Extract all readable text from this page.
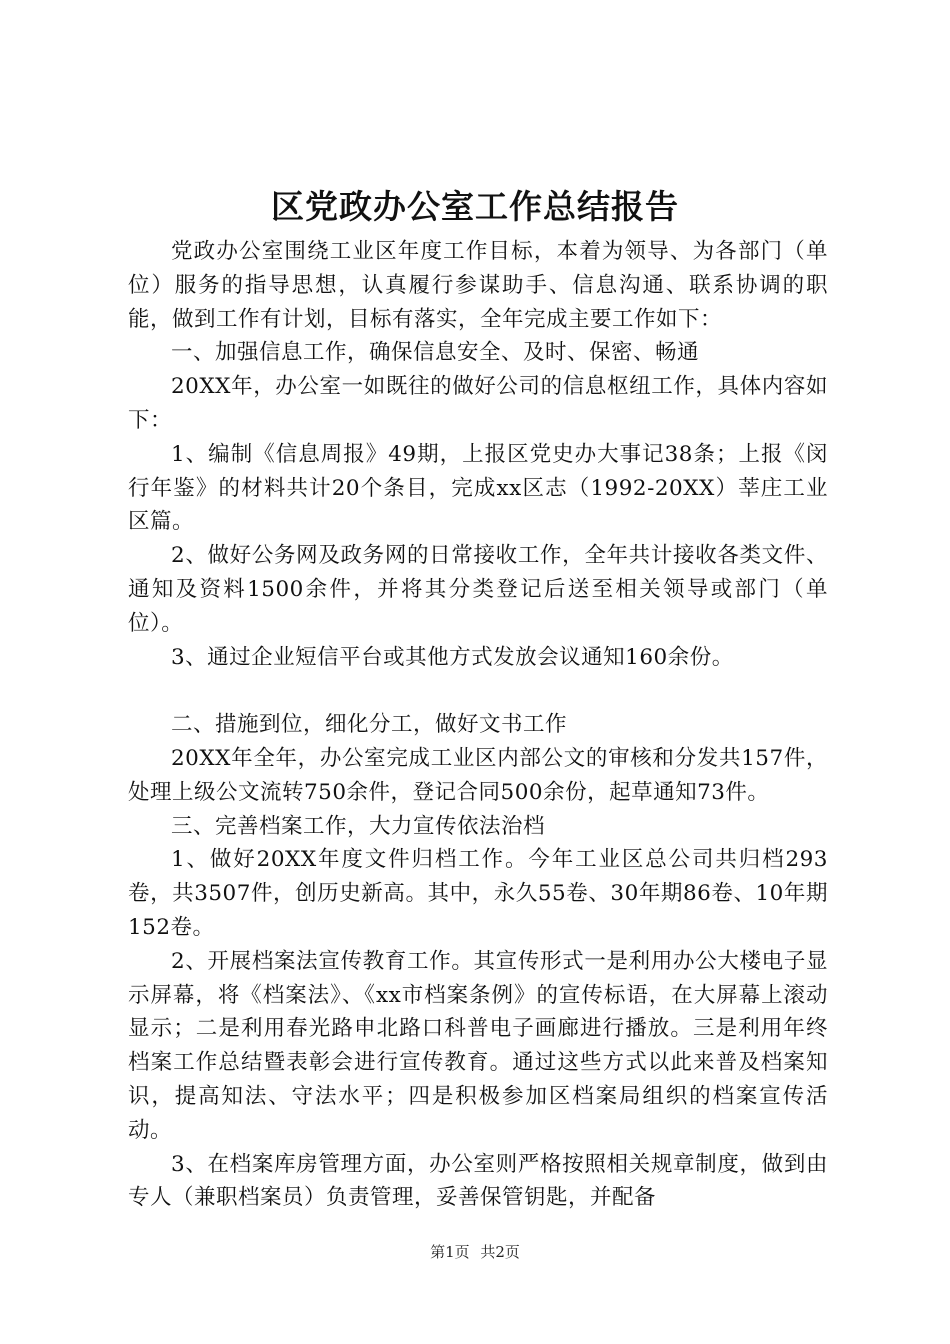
区党政办公室工作总结报告

党政办公室围绕工业区年度工作目标，本着为领导、为各部门（单位）服务的指导思想，认真履行参谋助手、信息沟通、联系协调的职能，做到工作有计划，目标有落实，全年完成主要工作如下：

一、加强信息工作，确保信息安全、及时、保密、畅通

20XX年，办公室一如既往的做好公司的信息枢纽工作，具体内容如下：

1、编制《信息周报》49期，上报区党史办大事记38条；上报《闵行年鉴》的材料共计20个条目，完成xx区志（1992-20XX）莘庄工业区篇。

2、做好公务网及政务网的日常接收工作，全年共计接收各类文件、通知及资料1500余件，并将其分类登记后送至相关领导或部门（单位）。

3、通过企业短信平台或其他方式发放会议通知160余份。

二、措施到位，细化分工，做好文书工作

20XX年全年，办公室完成工业区内部公文的审核和分发共157件，处理上级公文流转750余件，登记合同500余份，起草通知73件。

三、完善档案工作，大力宣传依法治档

1、做好20XX年度文件归档工作。今年工业区总公司共归档293卷，共3507件，创历史新高。其中，永久55卷、30年期86卷、10年期152卷。

2、开展档案法宣传教育工作。其宣传形式一是利用办公大楼电子显示屏幕，将《档案法》、《xx市档案条例》的宣传标语，在大屏幕上滚动显示；二是利用春光路申北路口科普电子画廊进行播放。三是利用年终档案工作总结暨表彰会进行宣传教育。通过这些方式以此来普及档案知识，提高知法、守法水平；四是积极参加区档案局组织的档案宣传活动。

3、在档案库房管理方面，办公室则严格按照相关规章制度，做到由专人（兼职档案员）负责管理，妥善保管钥匙，并配备

第1页 共2页
